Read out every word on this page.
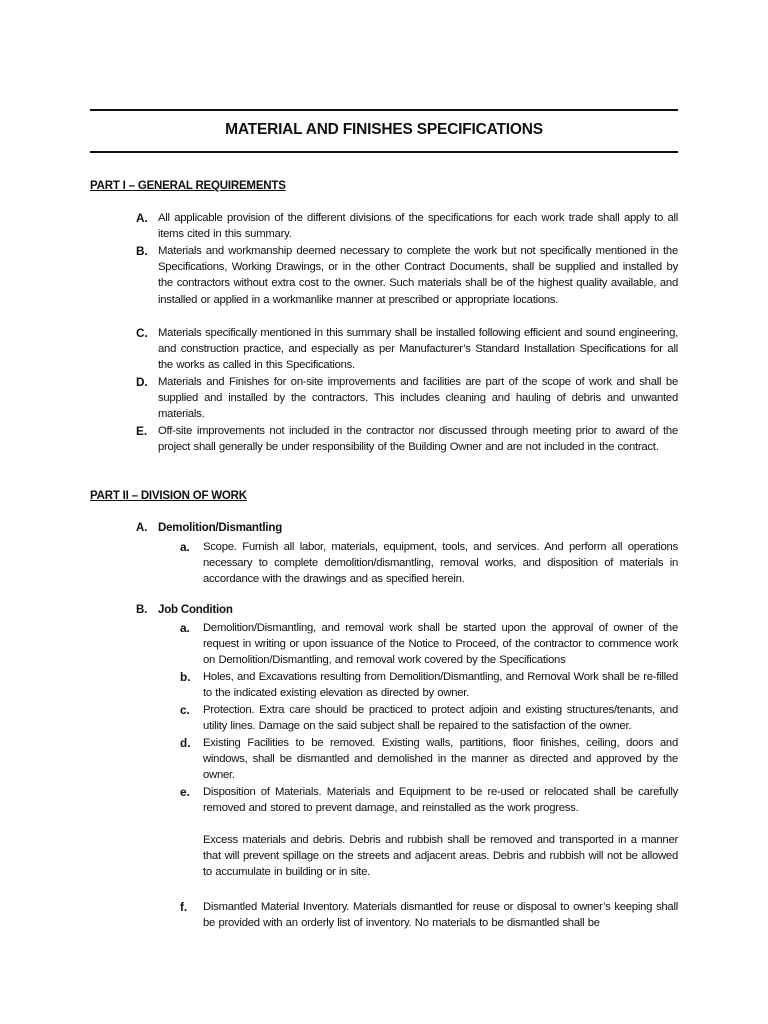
MATERIAL AND FINISHES SPECIFICATIONS
PART I – GENERAL REQUIREMENTS
A. All applicable provision of the different divisions of the specifications for each work trade shall apply to all items cited in this summary.
B. Materials and workmanship deemed necessary to complete the work but not specifically mentioned in the Specifications, Working Drawings, or in the other Contract Documents, shall be supplied and installed by the contractors without extra cost to the owner. Such materials shall be of the highest quality available, and installed or applied in a workmanlike manner at prescribed or appropriate locations.
C. Materials specifically mentioned in this summary shall be installed following efficient and sound engineering, and construction practice, and especially as per Manufacturer’s Standard Installation Specifications for all the works as called in this Specifications.
D. Materials and Finishes for on-site improvements and facilities are part of the scope of work and shall be supplied and installed by the contractors. This includes cleaning and hauling of debris and unwanted materials.
E. Off-site improvements not included in the contractor nor discussed through meeting prior to award of the project shall generally be under responsibility of the Building Owner and are not included in the contract.
PART II – DIVISION OF WORK
A. Demolition/Dismantling
a. Scope. Furnish all labor, materials, equipment, tools, and services. And perform all operations necessary to complete demolition/dismantling, removal works, and disposition of materials in accordance with the drawings and as specified herein.
B. Job Condition
a. Demolition/Dismantling, and removal work shall be started upon the approval of owner of the request in writing or upon issuance of the Notice to Proceed, of the contractor to commence work on Demolition/Dismantling, and removal work covered by the Specifications
b. Holes, and Excavations resulting from Demolition/Dismantling, and Removal Work shall be re-filled to the indicated existing elevation as directed by owner.
c. Protection. Extra care should be practiced to protect adjoin and existing structures/tenants, and utility lines. Damage on the said subject shall be repaired to the satisfaction of the owner.
d. Existing Facilities to be removed. Existing walls, partitions, floor finishes, ceiling, doors and windows, shall be dismantled and demolished in the manner as directed and approved by the owner.
e. Disposition of Materials. Materials and Equipment to be re-used or relocated shall be carefully removed and stored to prevent damage, and reinstalled as the work progress.
Excess materials and debris. Debris and rubbish shall be removed and transported in a manner that will prevent spillage on the streets and adjacent areas. Debris and rubbish will not be allowed to accumulate in building or in site.
f. Dismantled Material Inventory. Materials dismantled for reuse or disposal to owner’s keeping shall be provided with an orderly list of inventory. No materials to be dismantled shall be
